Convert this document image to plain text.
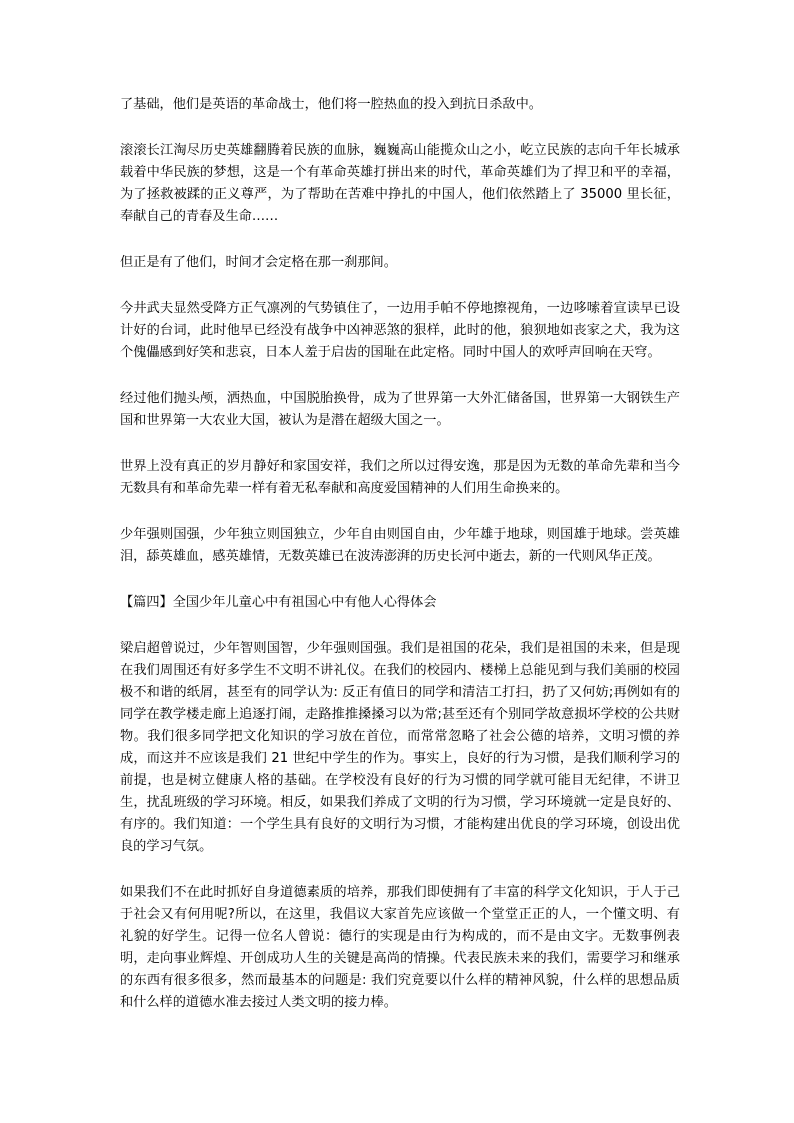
了基础，他们是英语的革命战士，他们将一腔热血的投入到抗日杀敌中。

滚滚长江淘尽历史英雄翻腾着民族的血脉，巍巍高山能揽众山之小，屹立民族的志向千年长城承载着中华民族的梦想，这是一个有革命英雄打拼出来的时代，革命英雄们为了捍卫和平的幸福，为了拯救被蹂的正义尊严，为了帮助在苦难中挣扎的中国人，他们依然踏上了 35000 里长征，奉献自己的青春及生命……

但正是有了他们，时间才会定格在那一刹那间。

今井武夫显然受降方正气凛冽的气势镇住了，一边用手帕不停地擦视角，一边哆嗦着宣读早已设计好的台词，此时他早已经没有战争中凶神恶煞的狠样，此时的他，狼狈地如丧家之犬，我为这个傀儡感到好笑和悲哀，日本人羞于启齿的国耻在此定格。同时中国人的欢呼声回响在天穹。

经过他们抛头颅，洒热血，中国脱胎换骨，成为了世界第一大外汇储备国，世界第一大钢铁生产国和世界第一大农业大国，被认为是潜在超级大国之一。

世界上没有真正的岁月静好和家国安祥，我们之所以过得安逸，那是因为无数的革命先辈和当今无数具有和革命先辈一样有着无私奉献和高度爱国精神的人们用生命换来的。

少年强则国强，少年独立则国独立，少年自由则国自由，少年雄于地球，则国雄于地球。尝英雄泪，舔英雄血，感英雄情，无数英雄已在波涛澎湃的历史长河中逝去，新的一代则风华正茂。

【篇四】全国少年儿童心中有祖国心中有他人心得体会

梁启超曾说过，少年智则国智，少年强则国强。我们是祖国的花朵，我们是祖国的未来，但是现在我们周围还有好多学生不文明不讲礼仪。在我们的校园内、楼梯上总能见到与我们美丽的校园极不和谐的纸屑，甚至有的同学认为: 反正有值日的同学和清洁工打扫，扔了又何妨;再例如有的同学在教学楼走廊上追逐打闹，走路推推搡搡习以为常;甚至还有个别同学故意损坏学校的公共财物。我们很多同学把文化知识的学习放在首位，而常常忽略了社会公德的培养，文明习惯的养成，而这并不应该是我们 21 世纪中学生的作为。事实上，良好的行为习惯，是我们顺利学习的前提，也是树立健康人格的基础。在学校没有良好的行为习惯的同学就可能目无纪律，不讲卫生，扰乱班级的学习环境。相反，如果我们养成了文明的行为习惯，学习环境就一定是良好的、有序的。我们知道：一个学生具有良好的文明行为习惯，才能构建出优良的学习环境，创设出优良的学习气氛。

如果我们不在此时抓好自身道德素质的培养，那我们即使拥有了丰富的科学文化知识，于人于己于社会又有何用呢?所以，在这里，我倡议大家首先应该做一个堂堂正正的人，一个懂文明、有礼貌的好学生。记得一位名人曾说：德行的实现是由行为构成的，而不是由文字。无数事例表明，走向事业辉煌、开创成功人生的关键是高尚的情操。代表民族未来的我们，需要学习和继承的东西有很多很多，然而最基本的问题是: 我们究竟要以什么样的精神风貌，什么样的思想品质和什么样的道德水准去接过人类文明的接力棒。
